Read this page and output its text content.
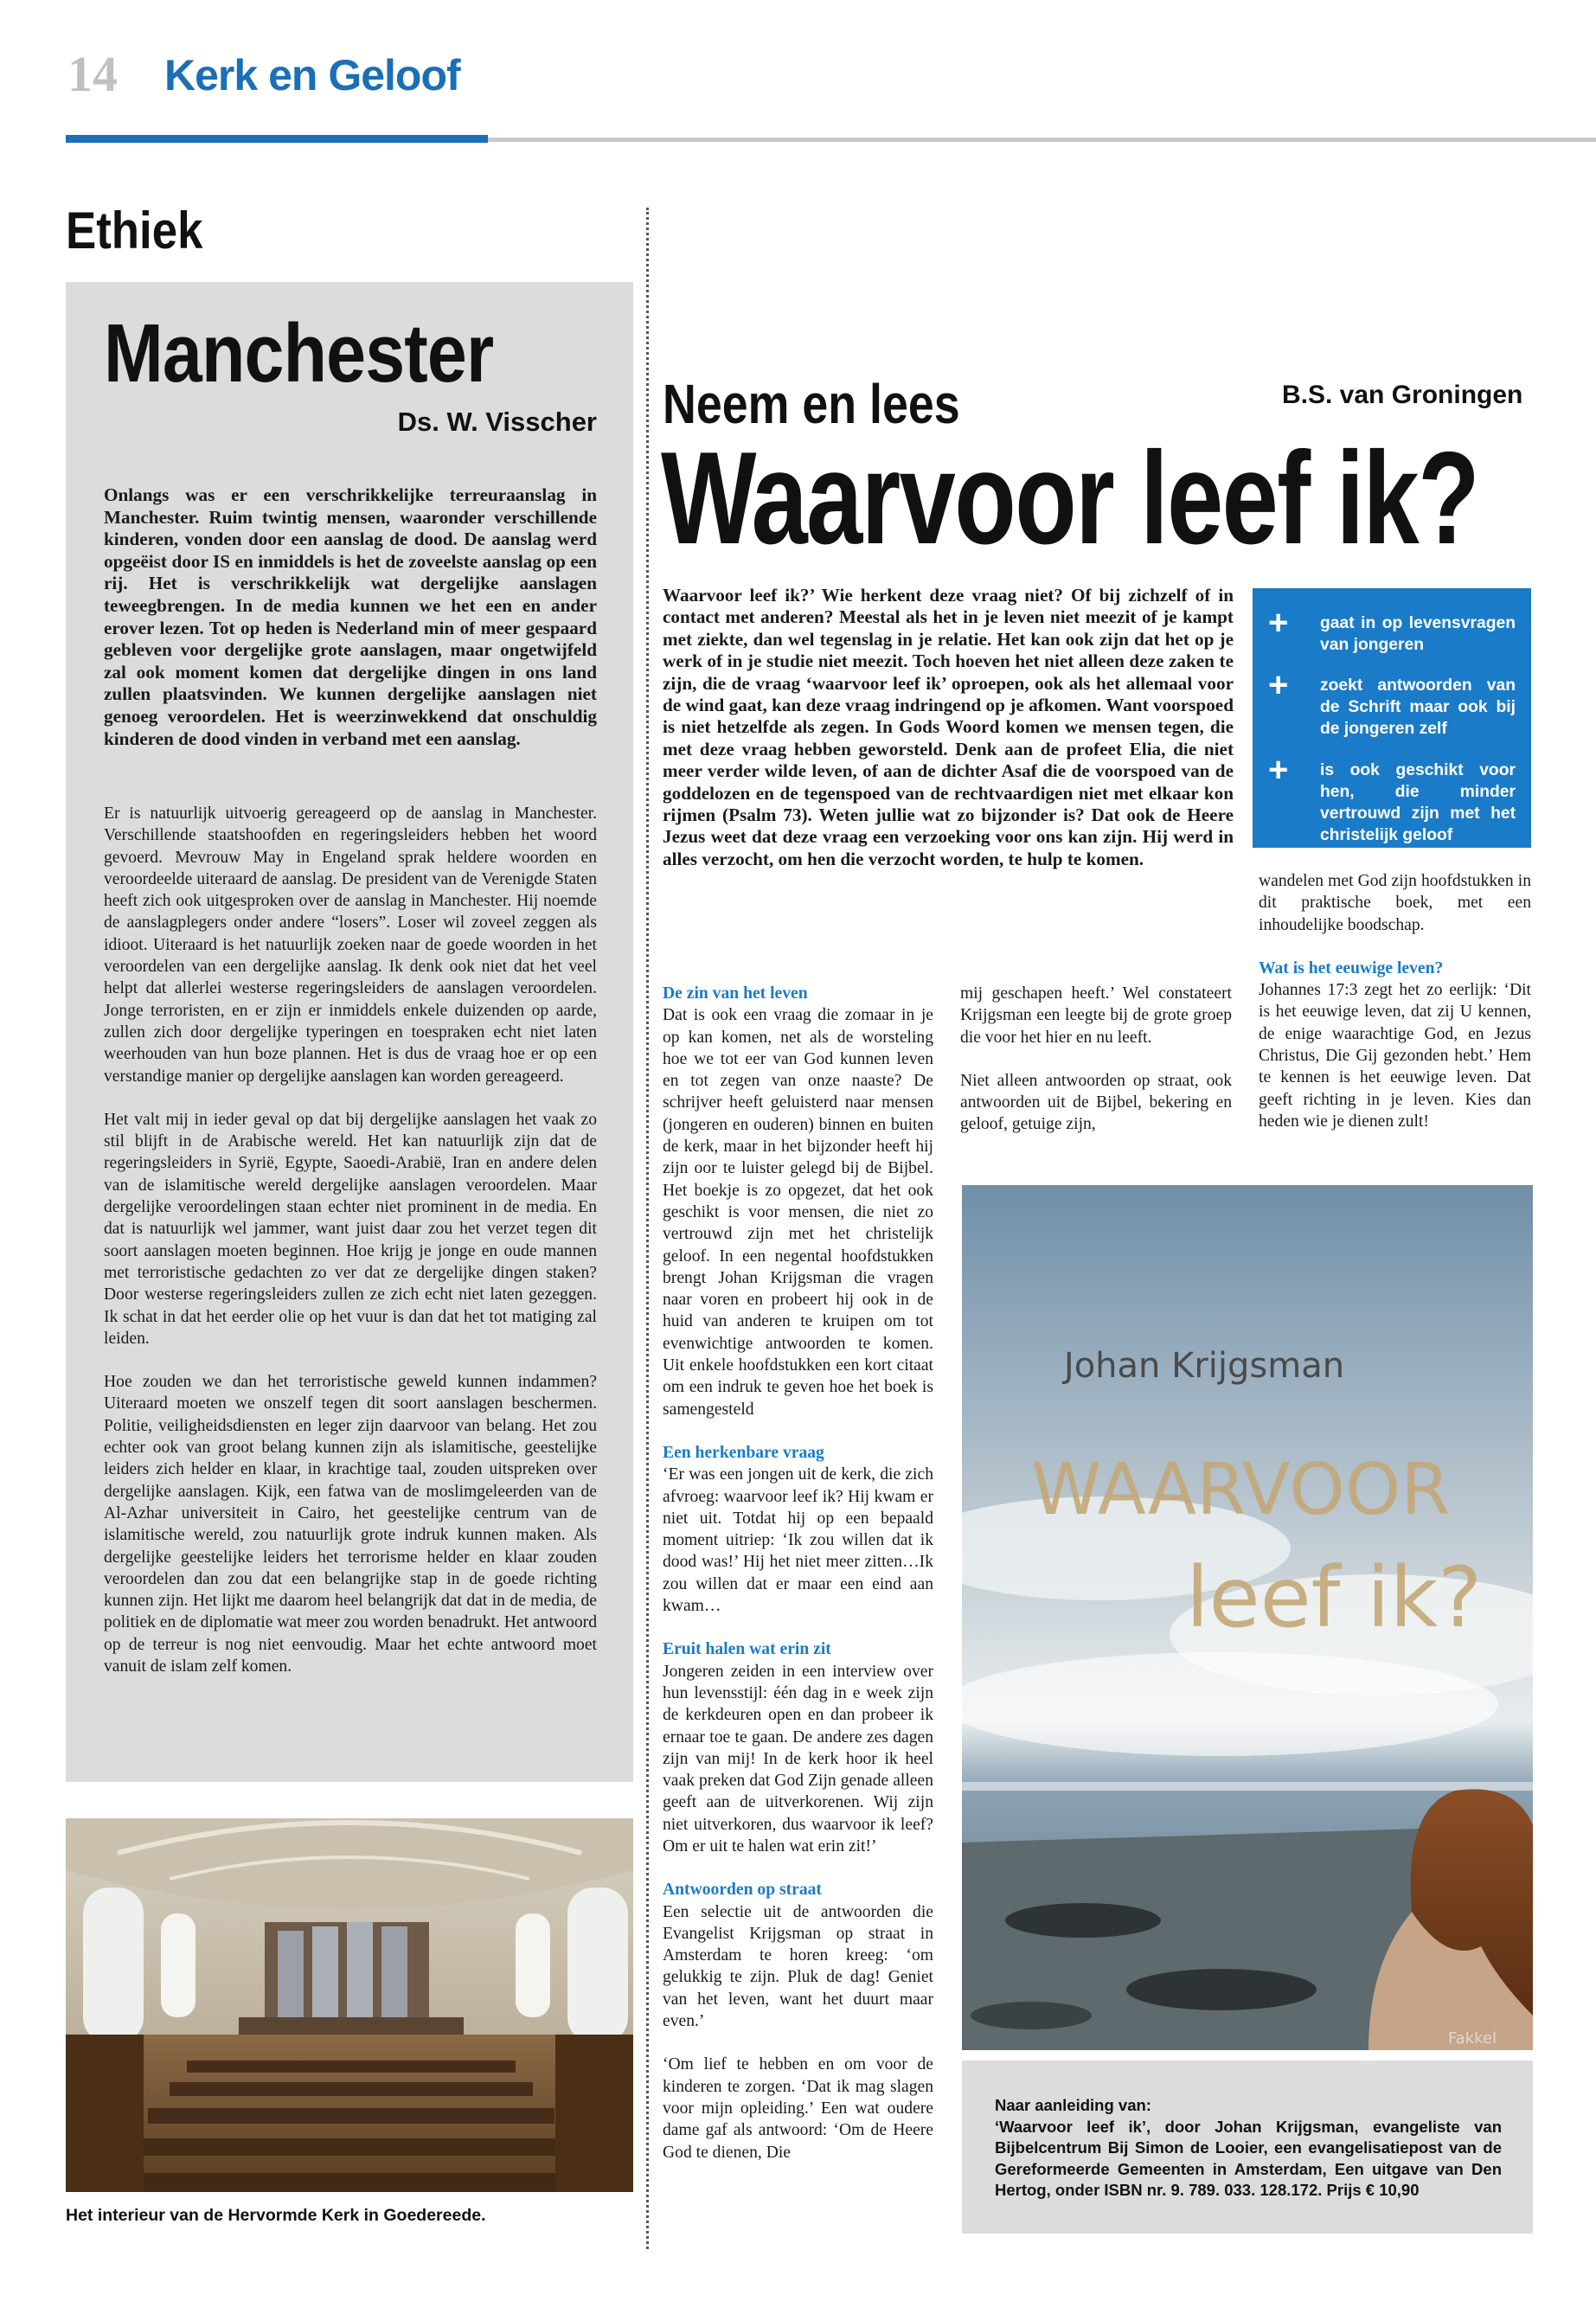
14 Kerk en Geloof
Ethiek
Manchester
Ds. W. Visscher
Onlangs was er een verschrikkelijke terreuraanslag in Manchester. Ruim twintig mensen, waaronder verschillende kinderen, vonden door een aanslag de dood. De aanslag werd opgeëist door IS en inmiddels is het de zoveelste aanslag op een rij. Het is verschrikkelijk wat dergelijke aanslagen teweegbrengen. In de media kunnen we het een en ander erover lezen. Tot op heden is Nederland min of meer gespaard gebleven voor dergelijke grote aanslagen, maar ongetwijfeld zal ook moment komen dat dergelijke dingen in ons land zullen plaatsvinden. We kunnen dergelijke aanslagen niet genoeg veroordelen. Het is weerzinwekkend dat onschuldig kinderen de dood vinden in verband met een aanslag.

Er is natuurlijk uitvoerig gereageerd op de aanslag in Manchester. Verschillende staatshoofden en regeringsleiders hebben het woord gevoerd. Mevrouw May in Engeland sprak heldere woorden en veroordeelde uiteraard de aanslag. De president van de Verenigde Staten heeft zich ook uitgesproken over de aanslag in Manchester. Hij noemde de aanslagplegers onder andere “losers”. Loser wil zoveel zeggen als idioot. Uiteraard is het natuurlijk zoeken naar de goede woorden in het veroordelen van een dergelijke aanslag. Ik denk ook niet dat het veel helpt dat allerlei westerse regeringsleiders de aanslagen veroordelen. Jonge terroristen, en er zijn er inmiddels enkele duizenden op aarde, zullen zich door dergelijke typeringen en toespraken echt niet laten weerhouden van hun boze plannen. Het is dus de vraag hoe er op een verstandige manier op dergelijke aanslagen kan worden gereageerd.

Het valt mij in ieder geval op dat bij dergelijke aanslagen het vaak zo stil blijft in de Arabische wereld. Het kan natuurlijk zijn dat de regeringsleiders in Syrië, Egypte, Saoedi-Arabië, Iran en andere delen van de islamitische wereld dergelijke aanslagen veroordelen. Maar dergelijke veroordelingen staan echter niet prominent in de media. En dat is natuurlijk wel jammer, want juist daar zou het verzet tegen dit soort aanslagen moeten beginnen. Hoe krijg je jonge en oude mannen met terroristische gedachten zo ver dat ze dergelijke dingen staken? Door westerse regeringsleiders zullen ze zich echt niet laten gezeggen. Ik schat in dat het eerder olie op het vuur is dan dat het tot matiging zal leiden.

Hoe zouden we dan het terroristische geweld kunnen indammen? Uiteraard moeten we onszelf tegen dit soort aanslagen beschermen. Politie, veiligheidsdiensten en leger zijn daarvoor van belang. Het zou echter ook van groot belang kunnen zijn als islamitische, geestelijke leiders zich helder en klaar, in krachtige taal, zouden uitspreken over dergelijke aanslagen. Kijk, een fatwa van de moslimgeleerden van de Al-Azhar universiteit in Cairo, het geestelijke centrum van de islamitische wereld, zou natuurlijk grote indruk kunnen maken. Als dergelijke geestelijke leiders het terrorisme helder en klaar zouden veroordelen dan zou dat een belangrijke stap in de goede richting kunnen zijn. Het lijkt me daarom heel belangrijk dat dat in de media, de politiek en de diplomatie wat meer zou worden benadrukt. Het antwoord op de terreur is nog niet eenvoudig. Maar het echte antwoord moet vanuit de islam zelf komen.

Het interieur van de Hervormde Kerk in Goedereede.
Neem en lees	B.S. van Groningen
Waarvoor leef ik?
Waarvoor leef ik?’ Wie herkent deze vraag niet? Of bij zichzelf of in contact met anderen? Meestal als het in je leven niet meezit of je kampt met ziekte, dan wel tegenslag in je relatie. Het kan ook zijn dat het op je werk of in je studie niet meezit. Toch hoeven het niet alleen deze zaken te zijn, die de vraag ‘waarvoor leef ik’ oproepen, ook als het allemaal voor de wind gaat, kan deze vraag indringend op je afkomen. Want voorspoed is niet hetzelfde als zegen. In Gods Woord komen we mensen tegen, die met deze vraag hebben geworsteld. Denk aan de profeet Elia, die niet meer verder wilde leven, of aan de dichter Asaf die de voorspoed van de goddelozen en de tegenspoed van de rechtvaardigen niet met elkaar kon rijmen (Psalm 73). Weten jullie wat zo bijzonder is? Dat ook de Heere Jezus weet dat deze vraag een verzoeking voor ons kan zijn. Hij werd in alles verzocht, om hen die verzocht worden, te hulp te komen.
+ gaat in op levensvragen van jongeren
+ zoekt antwoorden van de Schrift maar ook bij de jongeren zelf
+ is ook geschikt voor hen, die minder vertrouwd zijn met het christelijk geloof
De zin van het leven

Dat is ook een vraag die zomaar in je op kan komen, net als de worsteling hoe we tot eer van God kunnen leven en tot zegen van onze naaste? De schrijver heeft geluisterd naar mensen (jongeren en ouderen) binnen en buiten de kerk, maar in het bijzonder heeft hij zijn oor te luister gelegd bij de Bijbel. Het boekje is zo opgezet, dat het ook geschikt is voor mensen, die niet zo vertrouwd zijn met het christelijk geloof. In een negental hoofdstukken brengt Johan Krijgsman die vragen naar voren en probeert hij ook in de huid van anderen te kruipen om tot evenwichtige antwoorden te komen. Uit enkele hoofdstukken een kort citaat om een indruk te geven hoe het boek is samengesteld

Een herkenbare vraag

‘Er was een jongen uit de kerk, die zich afvroeg: waarvoor leef ik? Hij kwam er niet uit. Totdat hij op een bepaald moment uitriep: ‘Ik zou willen dat ik dood was!’ Hij het niet meer zitten…Ik zou willen dat er maar een eind aan kwam…

Eruit halen wat erin zit

Jongeren zeiden in een interview over hun levensstijl: één dag in e week zijn de kerkdeuren open en dan probeer ik ernaar toe te gaan. De andere zes dagen zijn van mij! In de kerk hoor ik heel vaak preken dat God Zijn genade alleen geeft aan de uitverkorenen. Wij zijn niet uitverkoren, dus waarvoor ik leef? Om er uit te halen wat erin zit!’

Antwoorden op straat

Een selectie uit de antwoorden die Evangelist Krijgsman op straat in Amsterdam te horen kreeg: ‘om gelukkig te zijn. Pluk de dag! Geniet van het leven, want het duurt maar even.’

‘Om lief te hebben en om voor de kinderen te zorgen. ‘Dat ik mag slagen voor mijn opleiding.’ Een wat oudere dame gaf als antwoord: ‘Om de Heere God te dienen, Die

mij geschapen heeft.’ Wel constateert Krijgsman een leegte bij de grote groep die voor het hier en nu leeft.

Niet alleen antwoorden op straat, ook antwoorden uit de Bijbel, bekering en geloof, getuige zijn,

wandelen met God zijn hoofdstukken in dit praktische boek, met een inhoudelijke boodschap.

Wat is het eeuwige leven?

Johannes 17:3 zegt het zo eerlijk: ‘Dit is het eeuwige leven, dat zij U kennen, de enige waarachtige God, en Jezus Christus, Die Gij gezonden hebt.’ Hem te kennen is het eeuwige leven. Dat geeft richting in je leven. Kies dan heden wie je dienen zult!

Johan Krijgsman
WAARVOOR
leef ik?
Fakkel
Naar aanleiding van:
‘Waarvoor leef ik’, door Johan Krijgsman, evangeliste van Bijbelcentrum Bij Simon de Looier, een evangelisatiepost van de Gereformeerde Gemeenten in Amsterdam, Een uitgave van Den Hertog, onder ISBN nr. 9. 789. 033. 128.172. Prijs € 10,90
